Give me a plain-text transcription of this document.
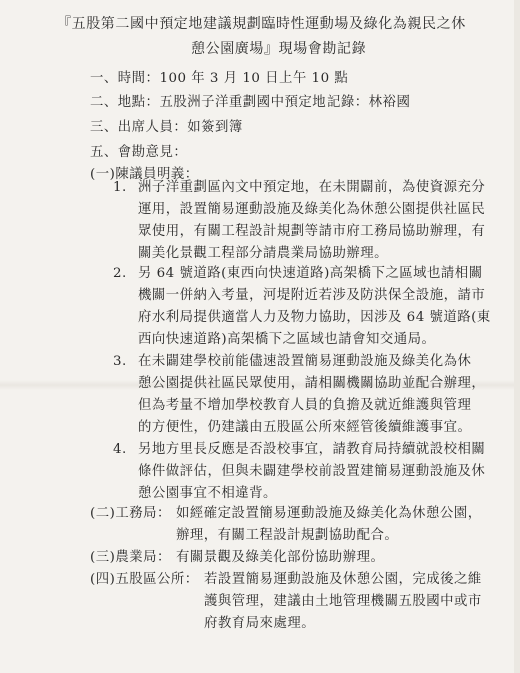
『五股第二國中預定地建議規劃臨時性運動場及綠化為親民之休
憩公園廣場』現場會勘記錄
一、時間：100 年 3 月 10 日上午 10 點
二、地點：五股洲子洋重劃國中預定地 記錄：林裕國
三、出席人員：如簽到簿
五、會勘意見：
(一)陳議員明義：
1. 洲子洋重劃區內文中預定地，在未開闢前，為使資源充分
運用，設置簡易運動設施及綠美化為休憩公園提供社區民
眾使用，有關工程設計規劃等請市府工務局協助辦理，有
關美化景觀工程部分請農業局協助辦理。
2. 另 64 號道路(東西向快速道路)高架橋下之區域也請相關
機關一併納入考量，河堤附近若涉及防洪保全設施，請市
府水利局提供適當人力及物力協助，因涉及 64 號道路(東
西向快速道路)高架橋下之區域也請會知交通局。
3. 在未闢建學校前能儘速設置簡易運動設施及綠美化為休
憩公園提供社區民眾使用，請相關機關協助並配合辦理，
但為考量不增加學校教育人員的負擔及就近維護與管理
的方便性，仍建議由五股區公所來經管後續維護事宜。
4. 另地方里長反應是否設校事宜，請教育局持續就設校相關
條件做評估，但與未闢建學校前設置建簡易運動設施及休
憩公園事宜不相違背。
(二)工務局： 如經確定設置簡易運動設施及綠美化為休憩公園，
辦理，有關工程設計規劃協助配合。
(三)農業局： 有關景觀及綠美化部份協助辦理。
(四)五股區公所： 若設置簡易運動設施及休憩公園，完成後之維
護與管理，建議由土地管理機關五股國中或市
府教育局來處理。
